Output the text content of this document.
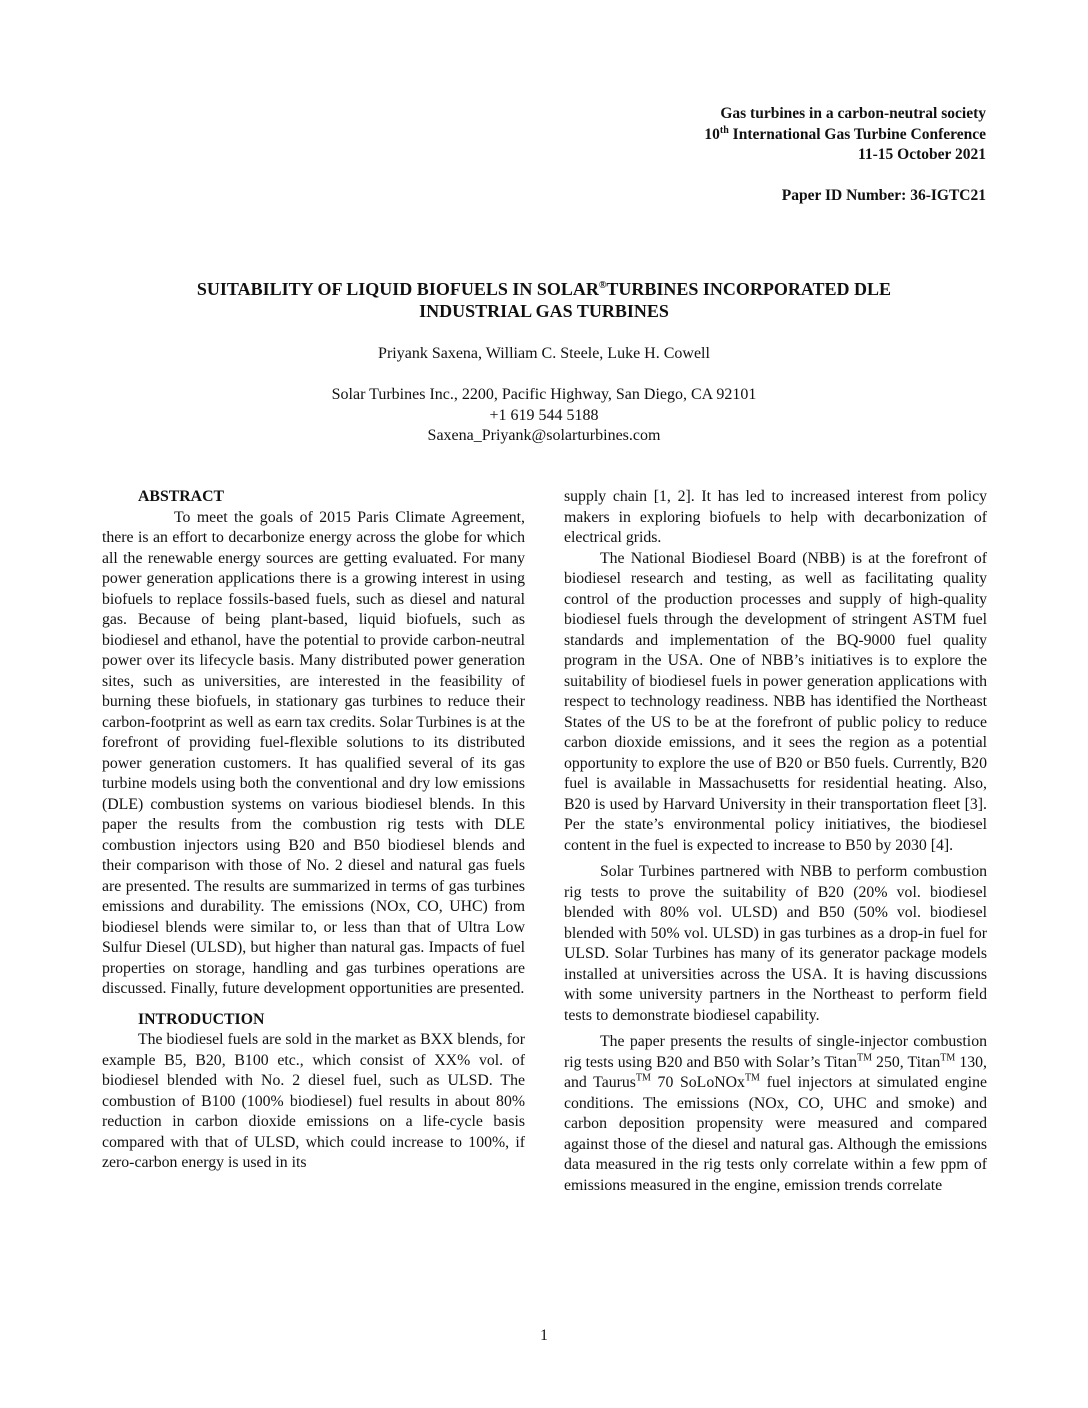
Gas turbines in a carbon-neutral society
10th International Gas Turbine Conference
11-15 October 2021
Paper ID Number: 36-IGTC21
SUITABILITY OF LIQUID BIOFUELS IN SOLAR®TURBINES INCORPORATED DLE
INDUSTRIAL GAS TURBINES
Priyank Saxena, William C. Steele, Luke H. Cowell
Solar Turbines Inc., 2200, Pacific Highway, San Diego, CA 92101
+1 619 544 5188
Saxena_Priyank@solarturbines.com

ABSTRACT

To meet the goals of 2015 Paris Climate Agreement, there is an effort to decarbonize energy across the globe for which all the renewable energy sources are getting evaluated. For many power generation applications there is a growing interest in using biofuels to replace fossils-based fuels, such as diesel and natural gas. Because of being plant-based, liquid biofuels, such as biodiesel and ethanol, have the potential to provide carbon-neutral power over its lifecycle basis. Many distributed power generation sites, such as universities, are interested in the feasibility of burning these biofuels, in stationary gas turbines to reduce their carbon-footprint as well as earn tax credits. Solar Turbines is at the forefront of providing fuel-flexible solutions to its distributed power generation customers. It has qualified several of its gas turbine models using both the conventional and dry low emissions (DLE) combustion systems on various biodiesel blends. In this paper the results from the combustion rig tests with DLE combustion injectors using B20 and B50 biodiesel blends and their comparison with those of No. 2 diesel and natural gas fuels are presented. The results are summarized in terms of gas turbines emissions and durability. The emissions (NOx, CO, UHC) from biodiesel blends were similar to, or less than that of Ultra Low Sulfur Diesel (ULSD), but higher than natural gas. Impacts of fuel properties on storage, handling and gas turbines operations are discussed. Finally, future development opportunities are presented.

INTRODUCTION

The biodiesel fuels are sold in the market as BXX blends, for example B5, B20, B100 etc., which consist of XX% vol. of biodiesel blended with No. 2 diesel fuel, such as ULSD. The combustion of B100 (100% biodiesel) fuel results in about 80% reduction in carbon dioxide emissions on a life-cycle basis compared with that of ULSD, which could increase to 100%, if zero-carbon energy is used in its

supply chain [1, 2]. It has led to increased interest from policy makers in exploring biofuels to help with decarbonization of electrical grids.

The National Biodiesel Board (NBB) is at the forefront of biodiesel research and testing, as well as facilitating quality control of the production processes and supply of high-quality biodiesel fuels through the development of stringent ASTM fuel standards and implementation of the BQ-9000 fuel quality program in the USA. One of NBB’s initiatives is to explore the suitability of biodiesel fuels in power generation applications with respect to technology readiness. NBB has identified the Northeast States of the US to be at the forefront of public policy to reduce carbon dioxide emissions, and it sees the region as a potential opportunity to explore the use of B20 or B50 fuels. Currently, B20 fuel is available in Massachusetts for residential heating. Also, B20 is used by Harvard University in their transportation fleet [3]. Per the state’s environmental policy initiatives, the biodiesel content in the fuel is expected to increase to B50 by 2030 [4].

Solar Turbines partnered with NBB to perform combustion rig tests to prove the suitability of B20 (20% vol. biodiesel blended with 80% vol. ULSD) and B50 (50% vol. biodiesel blended with 50% vol. ULSD) in gas turbines as a drop-in fuel for ULSD. Solar Turbines has many of its generator package models installed at universities across the USA. It is having discussions with some university partners in the Northeast to perform field tests to demonstrate biodiesel capability.

The paper presents the results of single-injector combustion rig tests using B20 and B50 with Solar’s Titan™ 250, Titan™ 130, and Taurus™ 70 SoLoNOx™ fuel injectors at simulated engine conditions. The emissions (NOx, CO, UHC and smoke) and carbon deposition propensity were measured and compared against those of the diesel and natural gas. Although the emissions data measured in the rig tests only correlate within a few ppm of emissions measured in the engine, emission trends correlate

1
